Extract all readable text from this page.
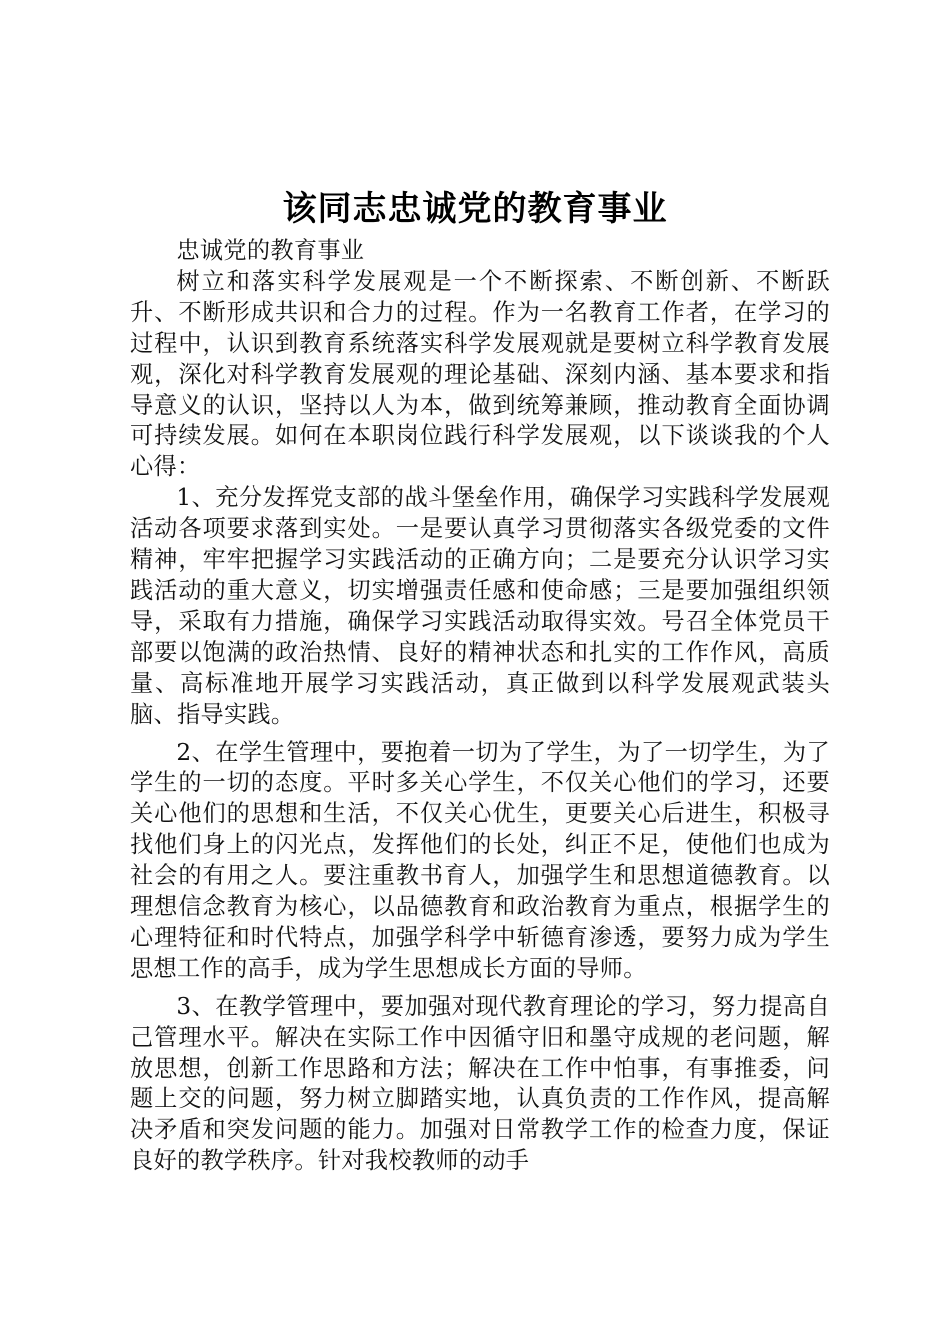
该同志忠诚党的教育事业

忠诚党的教育事业

树立和落实科学发展观是一个不断探索、不断创新、不断跃升、不断形成共识和合力的过程。作为一名教育工作者，在学习的过程中，认识到教育系统落实科学发展观就是要树立科学教育发展观，深化对科学教育发展观的理论基础、深刻内涵、基本要求和指导意义的认识，坚持以人为本，做到统筹兼顾，推动教育全面协调可持续发展。如何在本职岗位践行科学发展观，以下谈谈我的个人心得：

1、充分发挥党支部的战斗堡垒作用，确保学习实践科学发展观活动各项要求落到实处。一是要认真学习贯彻落实各级党委的文件精神，牢牢把握学习实践活动的正确方向；二是要充分认识学习实践活动的重大意义，切实增强责任感和使命感；三是要加强组织领导，采取有力措施，确保学习实践活动取得实效。号召全体党员干部要以饱满的政治热情、良好的精神状态和扎实的工作作风，高质量、高标准地开展学习实践活动，真正做到以科学发展观武装头脑、指导实践。

2、在学生管理中，要抱着一切为了学生，为了一切学生，为了学生的一切的态度。平时多关心学生，不仅关心他们的学习，还要关心他们的思想和生活，不仅关心优生，更要关心后进生，积极寻找他们身上的闪光点，发挥他们的长处，纠正不足，使他们也成为社会的有用之人。要注重教书育人，加强学生和思想道德教育。以理想信念教育为核心，以品德教育和政治教育为重点，根据学生的心理特征和时代特点，加强学科学中斩德育渗透，要努力成为学生思想工作的高手，成为学生思想成长方面的导师。

3、在教学管理中，要加强对现代教育理论的学习，努力提高自己管理水平。解决在实际工作中因循守旧和墨守成规的老问题，解放思想，创新工作思路和方法；解决在工作中怕事，有事推委，问题上交的问题，努力树立脚踏实地，认真负责的工作作风，提高解决矛盾和突发问题的能力。加强对日常教学工作的检查力度，保证良好的教学秩序。针对我校教师的动手
